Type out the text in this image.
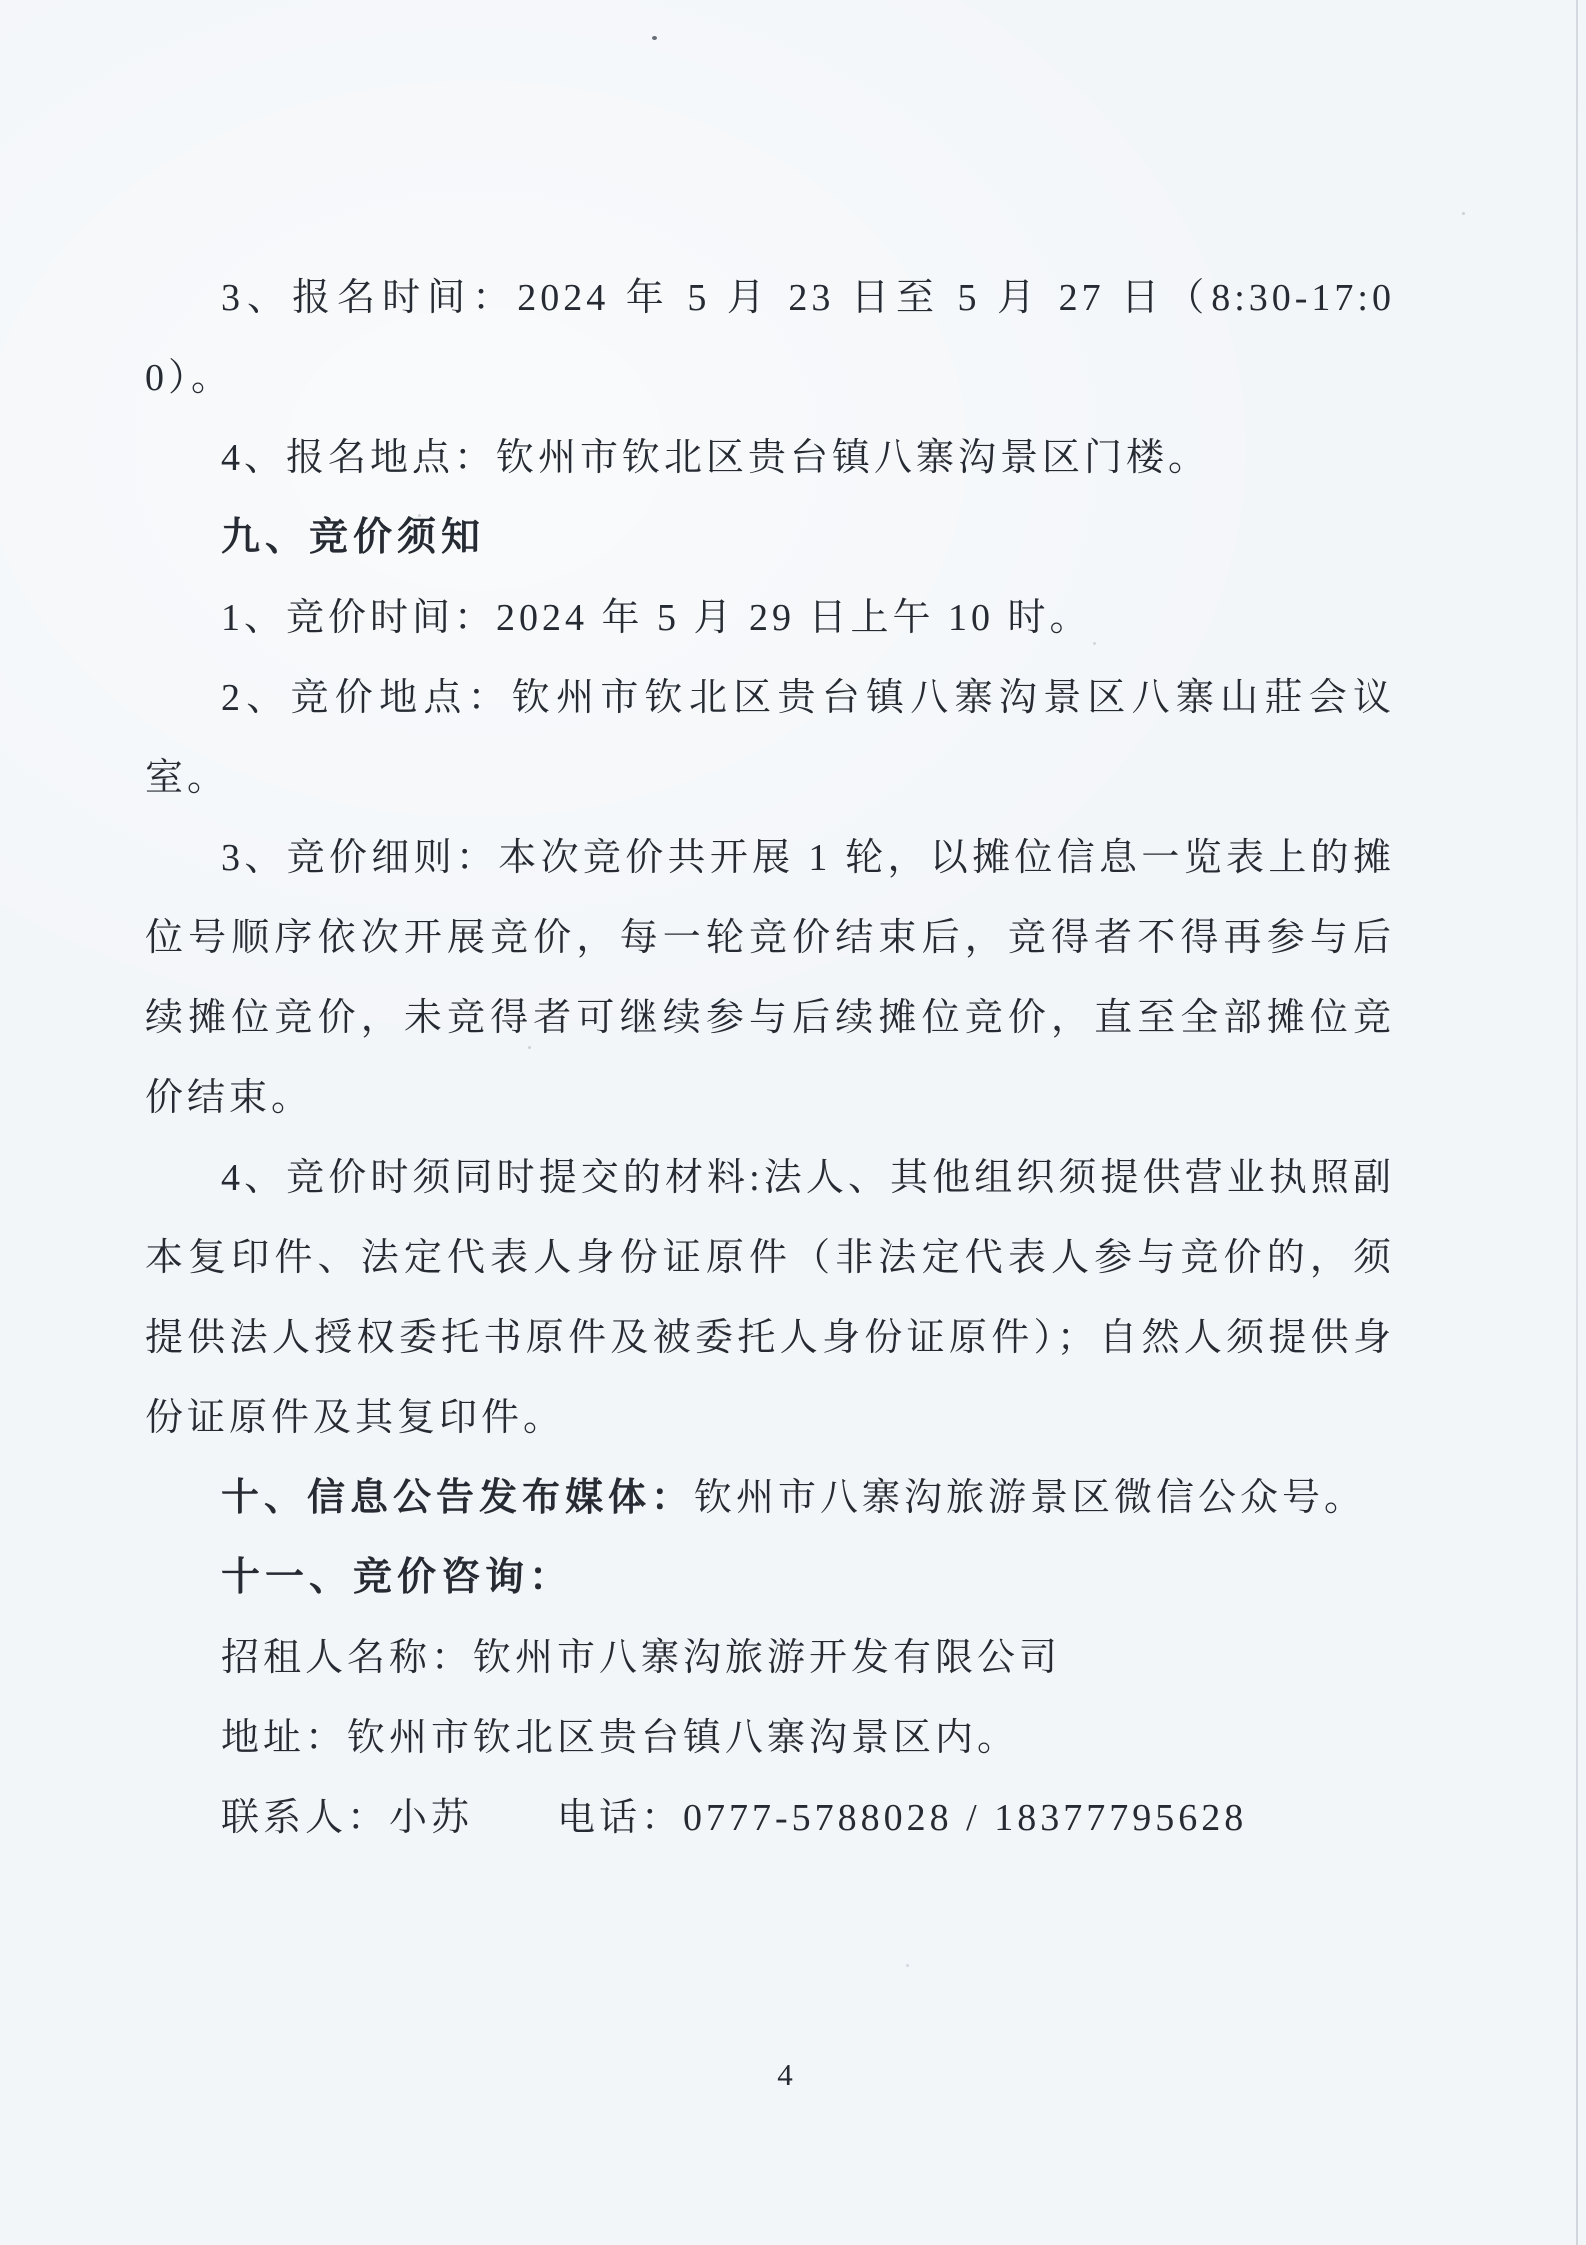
3、报名时间：2024 年 5 月 23 日至 5 月 27 日（8:30-17:00）。

4、报名地点：钦州市钦北区贵台镇八寨沟景区门楼。

九、竞价须知

1、竞价时间：2024 年 5 月 29 日上午 10 时。

2、竞价地点：钦州市钦北区贵台镇八寨沟景区八寨山莊会议室。

3、竞价细则：本次竞价共开展 1 轮，以摊位信息一览表上的摊位号顺序依次开展竞价，每一轮竞价结束后，竞得者不得再参与后续摊位竞价，未竞得者可继续参与后续摊位竞价，直至全部摊位竞价结束。

4、竞价时须同时提交的材料:法人、其他组织须提供营业执照副本复印件、法定代表人身份证原件（非法定代表人参与竞价的，须提供法人授权委托书原件及被委托人身份证原件）；自然人须提供身份证原件及其复印件。

十、信息公告发布媒体：钦州市八寨沟旅游景区微信公众号。

十一、竞价咨询：

招租人名称：钦州市八寨沟旅游开发有限公司

地址：钦州市钦北区贵台镇八寨沟景区内。

联系人：小苏　　电话：0777-5788028 / 18377795628

4
